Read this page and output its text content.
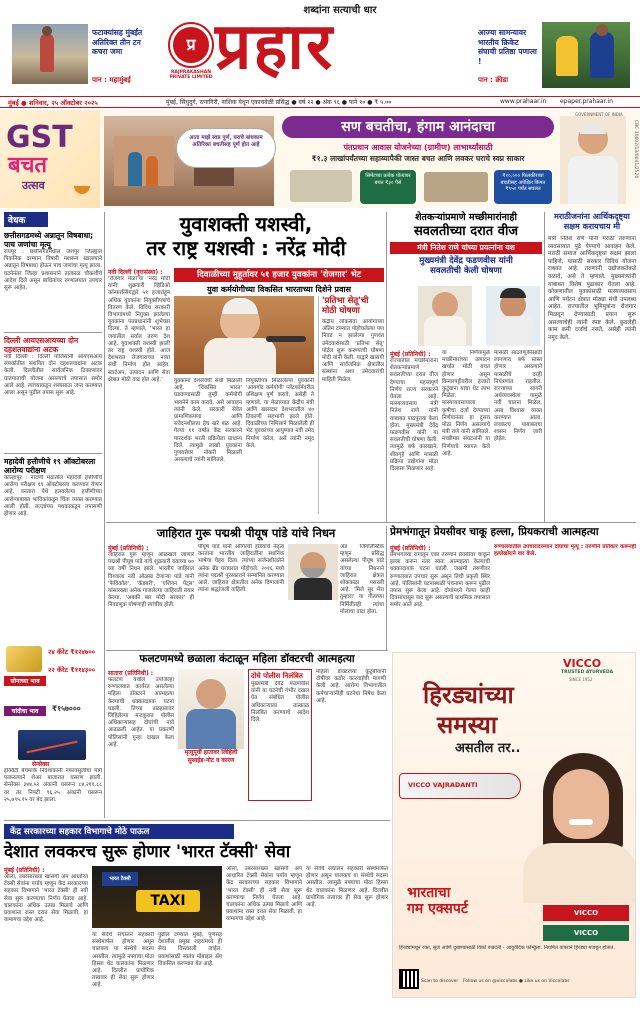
फटाक्यांसह मुंबईत अतिरिक्त तीन टन कचरा जमा
शब्दांना सत्याची धार
प्र
RAJPRAKASHAN PRIVATE LIMITED प्रहार	आज्या सामन्यावर भारतीय क्रिकेट संघाची प्रतिष्ठा पणाला !
पान : महामुंबई	पान : क्रीडा
मुंबई ● शनिवार, २५ ऑक्टोबर २०२५	मुंबई, सिंधुदुर्ग, रत्नागिरी, नाशिक येथून एकाचवेळी प्रसिद्ध ● वर्ष २२ ● अंक ९६ ● पाने १० ● ₹ ५.००	www.prahaar.in epaper.prahaar.in
GST
बचत
उत्सव
आता माझे स्वप्न पुर्ण, घराचे बांधकाम अतिरिक्त बचतीसह पूर्ण होत आहे
सण बचतीचा, हंगाम आनंदाचा
पंतप्रधान आवास योजनेच्या (ग्रामीण) लाभार्थ्यांसाठी
₹१.३ लाखांपर्यंतच्या सहाय्यापैकी जास्त बचत आणि लवकर घराचे स्वप्न साकार
सिमेंटच्या प्रत्येक पोत्यावर बचत ₹३० पैसे
₹१०,००० फिलकीरच्या बचतीसह अपेक्षित किंमत ₹१५० पर्यंत सवलत
GOVERNMENT OF INDIA
CBC 10602/13/0041/2526
वेधक
छत्तीसगडमध्ये अन्नातून विषबाधा; पाच जणांचा मृत्यू
रायपूर : छत्तीसगडमधील जशपूर जिल्ह्यात पिकनिक दरम्यान विषारी मशरूम खाल्ल्याने अन्नातून विषबाधा होऊन पाच जणांचा मृत्यू झाला. घटनेनंतर जिल्हा प्रशासनाने तात्काळ चौकशीचे आदेश दिले असून बाधितांवर रुग्णालयात उपचार सुरू आहेत.
दिल्ली आयएसआयच्या दोन दहशतवाद्यांना अटक
नवी दिल्ली : दिल्ली पोलिसांनी आयएसआय संपर्कातील संशयित दोन दहशतवाद्यांना अटक केली. दिल्लीतील सार्वजनिक ठिकाणांवर घातपाताची योजना असल्याचे तपासात समोर आले आहे. त्यांच्याकडून शस्त्रसाठा जप्त करण्यात आला असून पुढील तपास सुरू आहे.
महादेवी हत्तीणीचे १९ ऑक्टोबरला आरोग्य परीक्षण
कोल्हापूर : नांदणी मठातील महादेवी हत्तीणीचे आरोग्य परीक्षण १९ ऑक्टोबरला करण्यात येणार आहे. वनतारा येथे हलवलेल्या हत्तीणीच्या आरोग्याबाबत भाविकांकडून चिंता व्यक्त करण्यात आली होती. तज्ज्ञांच्या पथकाकडून तपासणी होणार आहे.
सोनाच्या भाव
२४ कॅरेट ₹१२४७००
२२ कॅरेट ₹११४३००
चांदीचा भाव	₹१५७०००
सेन्सेक्स
इक्विटी बेंचमार्क निर्देशांकांनी नफावसुलीचा मार्ग पत्करल्याने शेअर बाजारात घसरण झाली. सेन्सेक्स ३४४.५२ अंकांनी घसरून ८४,२११.८८ वर तर निफ्टी ९६.२५ अंकांनी घसरून २५,७९५.१५ वर बंद झाला.
युवाशक्ती यशस्वी,
तर राष्ट्र यशस्वी : नरेंद्र मोदी
नवी दिल्ली (वृत्तसंस्था) :
'रोजगार मेळा'चा 'नरेंद्र मोदी यांनी' शुक्रवारी व्हिडिओ कॉन्फरन्सिंगद्वारे ५१ हजारांहून अधिक युवकांना नियुक्तीपत्रांचे वितरण केले. विविध सरकारी विभागांमध्ये नियुक्त झालेल्या युवकांना पंतप्रधानांनी शुभेच्छा दिल्या. ते म्हणाले, 'भारत हा जगातील सर्वात तरुण देश आहे. युवाशक्ती यशस्वी झाली तर राष्ट्र यशस्वी होते. आज देशभरात रोजगाराच्या नव्या संधी निर्माण होत आहेत. स्टार्टअप, उत्पादन आणि सेवा क्षेत्रात मोठी वाढ होत आहे.'
दिवाळीच्या मुहूर्तावर ५१ हजार युवकांना 'रोजगार' भेट
युवा कर्मयोगीच्या विकसित भारताच्या दिशेने प्रवास
'प्रतिभा सेतू'ची मोठी घोषणा
केंद्रीय लोकसेवा आयोगाच्या अंतिम टप्प्यात पोहोचलेल्या पण निवड न झालेल्या गुणवंत उमेदवारांसाठी 'प्रतिभा सेतू' पोर्टल सुरू करण्याची घोषणा मोदी यांनी केली. याद्वारे खासगी आणि सार्वजनिक क्षेत्रातील संस्थांना अशा उमेदवारांची माहिती मिळेल.
युवकांना देशसेवेची संधी मिळाली आहे. 'विकसित भारत' घडवण्यासाठी तुम्ही कर्मयोगी भावनेने काम करावे, असे आवाहन त्यांनी केले. सरकारी सेवेत प्रामाणिकपणा आणि संवेदनशीलता हेच खरे बळ आहे. गेल्या ११ वर्षांत केंद्र सरकारने पारदर्शक भरती प्रक्रियेला प्राधान्य दिले. त्यामुळे लाखो युवकांना गुणवत्तेवर नोकरी मिळाली असल्याचे त्यांनी सांगितले.
नियुक्तीपत्र मिळालेल्या युवकांनी 'आयगॉट कर्मयोगी' प्लॅटफॉर्मवरील प्रशिक्षण पूर्ण करावे, असेही ते म्हणाले. या मेळाव्यात केंद्रीय मंत्री आणि खासदार देशभरातील ४० ठिकाणी सहभागी झाले होते. दिवाळीच्या निमित्ताने मिळालेली ही भेट युवकांच्या आयुष्यात नवी उमेद निर्माण करेल, असे त्यांनी नमूद केले.
शेतकऱ्यांप्रमाणे मच्छीमारांनाही
सवलतीच्या दरात वीज
मंत्री नितेश राणे यांच्या प्रयत्नांना यश
मुख्यमंत्री देवेंद्र फडणवीस यांनी
सवलतीची केली घोषणा
मुंबई (प्रतिनिधी) :
राज्यातील मच्छीमारांना शेतकऱ्यांप्रमाणे सवलतीच्या दरात वीज देण्याचा महत्त्वपूर्ण निर्णय राज्य सरकारने घेतला आहे. मत्स्यव्यवसाय मंत्री नितेश राणे यांनी याबाबत पाठपुरावा केला होता. मुख्यमंत्री देवेंद्र फडणवीस यांनी या सवलतीची घोषणा केली. त्यामुळे बर्फ कारखाने, शीतगृहे आणि मासळी प्रक्रिया उद्योगांना मोठा दिलासा मिळणार आहे.
या निर्णयामुळे मच्छीमारांच्या उत्पादन खर्चात मोठी बचत होणार असून किनारपट्टीवरील हजारो कुटुंबांना याचा थेट लाभ मिळेल. मत्स्यव्यवसायाला कृषीचा दर्जा देण्याच्या निर्णयानंतर हा दुसरा मोठा निर्णय असल्याचे मंत्री राणे यांनी सांगितले. मच्छीमार संघटनांनी या निर्णयाचे स्वागत केले आहे.
मासळी साठवणुकीसाठी लागणारा बर्फ स्वस्त होणार असल्याने मासळीचे दरही नियंत्रणात राहतील. राज्याच्या सागरी अर्थव्यवस्थेला यामुळे नवी चालना मिळेल, असा विश्वास व्यक्त करण्यात आला. लवकरच याबाबतचा शासन निर्णय जारी होईल.
मराठीजनांना आर्थिकदृष्ट्या सक्षम करायचाय मी
मंत्री नितेश राणे यांनी मराठी तरुणांना व्यवसायात पुढे येण्याचे आवाहन केले. मराठी समाज आर्थिकदृष्ट्या सक्षम झाला पाहिजे, यासाठी सरकार विविध योजना राबवत आहे. तरुणांनी उद्योजकतेकडे वळावे, असे ते म्हणाले. मुख्यमंत्र्यांनी याबाबत विशेष पुढाकार घेतला आहे. कोकणातील युवकांसाठी मत्स्यव्यवसाय आणि पर्यटन क्षेत्रात मोठ्या संधी उपलब्ध आहेत. राज्यातील भूमिपुत्रांना रोजगार मिळवून देण्यासाठी प्रयत्न सुरू असल्याचेही त्यांनी स्पष्ट केले. कुठलेही काम कमी दर्जाचे नसते, असेही त्यांनी नमूद केले.
जाहिरात गुरू पद्मश्री पीयूष पांडे यांचे निधन
मुंबई (प्रतिनिधी) :
जाहिरात गुरू म्हणून ओळखले जाणारे पद्मश्री पीयूष पांडे यांचे शुक्रवारी वयाच्या ७० व्या वर्षी निधन झाले. भारतीय जाहिरात विश्वाला नवी ओळख देणाऱ्या पांडे यांनी 'फेविकॉल', 'कॅडबरी', 'एशियन पेंट्स' यांसारख्या अनेक गाजलेल्या जाहिराती तयार केल्या. 'अबकी बार मोदी सरकार' ही निवडणूक घोषणाही त्यांचीच होती.
पीयूष पांडे यांनी ओगिल्वी इंडियाचे नेतृत्व करताना भारतीय जाहिरातींना स्थानिक भाषेचा चेहरा दिला. त्यांच्या सर्जनशीलतेने अनेक ब्रँड घराघरात पोहोचले. २०१६ मध्ये त्यांना पद्मश्री पुरस्काराने सन्मानित करण्यात आले. जाहिरात क्षेत्रातील अनेक दिग्गजांनी त्यांना श्रद्धांजली वाहिली.
ॲड जिंगलिस्टिक म्हणून प्रसिद्ध असलेल्या पीयूष पांडे यांच्या निधनाने जाहिरात क्षेत्रात शोककळा पसरली आहे. 'मिले सुर मेरा तुम्हारा' या गीताच्या निर्मितीतही त्यांचा मोलाचा वाटा होता.
प्रेमभंगातून प्रेयसीवर चाकू हल्ला, प्रियकराची आत्महत्या
मुंबई (प्रतिनिधी) :
प्रेमभंगाच्या रागातून एका तरुणाने प्रेयसीवर चाकूने हल्ला करून नंतर स्वतः आत्महत्या केल्याची धक्कादायक घटना घडली. जखमी तरुणीवर रुग्णालयात उपचार सुरू असून तिची प्रकृती स्थिर आहे. पोलिसांनी घटनास्थळी पंचनामा करून पुढील तपास सुरू केला आहे. दोघांमध्ये गेल्या काही दिवसांपासून वाद सुरू असल्याचे प्राथमिक तपासात समोर आले आहे.
रुग्णालयातील उपचारादरम्यान दोघांचा मृत्यू : तरुणीने प्रतिकार करूनही हल्लेखोराने वार केले.
फलटणमध्ये छळाला कंटाळून महिला डॉक्टरची आत्महत्या
सातारा (प्रतिनिधी) :
फलटण येथील उपजिल्हा रुग्णालयात कार्यरत असलेल्या महिला डॉक्टरने आत्महत्या केल्याची धक्कादायक घटना घडली. तिच्या तळहातावर लिहिलेल्या मजकुरात पोलीस अधिकाऱ्यासह दोघांची नावे आढळली आहेत. या प्रकरणी पोलिसांनी गुन्हा दाखल केला आहे.
मृत्यूपूर्वी हातावर लिहिली सुसाईड-नोट व कारण
दोघे पोलीस निलंबित
मुख्यमंत्री देवेंद्र फडणवीस यांनी या घटनेची गंभीर दखल घेत संबंधित पोलीस अधिकाऱ्याला तात्काळ निलंबित करण्याचे आदेश दिले.
महिला डॉक्टरच्या कुटुंबीयांनी दोषींवर कठोर कारवाईची मागणी केली आहे. आरोग्य विभागातील कर्मचाऱ्यांनीही घटनेचा निषेध केला आहे.
VICCO
TRUSTED AYURVEDA
SINCE 1952
हिरड्यांच्या
समस्या
असतील तर..
VICCO VAJRADANTI
भारताचा
गम एक्सपर्ट	VICCO
VICCO
हिरड्यांमधून रक्त, सूज आणि दुखण्यासाठी विको वज्रदंती - आयुर्वेदिक फॉर्म्युला. नियमित वापराने हिरड्या मजबूत होतात.
Scan to discover Follow us on @viccolabs ● Like us on Viccolabs
केंद्र सरकारच्या सहकार विभागाचे मोठे पाऊल
देशात लवकरच सुरू होणार 'भारत टॅक्सी' सेवा
मुंबई (प्रतिनिधी) :
ओला, उबरसारख्या खासगी ॲप आधारित टॅक्सी सेवांना पर्याय म्हणून केंद्र सरकारच्या सहकार विभागाने 'भारत टॅक्सी' ही नवी सेवा सुरू करण्याचा निर्णय घेतला आहे. चालकांना अधिक उत्पन्न मिळावे आणि प्रवाशांना रास्त दरात सेवा मिळावी, हा यामागचा उद्देश आहे.
भारत टैक्सी
TAXI
या सेवेचे संचालन सहकारी संस्थेमार्फत होणार असून चालकच या संस्थेचे सदस्य असतील. त्यामुळे नफ्याचा मोठा हिस्सा थेट चालकांना मिळणार आहे. दिल्लीत प्रायोगिक तत्त्वावर ही सेवा सुरू होणार आहे.
पुढील टप्प्यात मुंबई, पुणेसह देशातील प्रमुख शहरांमध्ये ही सेवा विस्तारली जाईल. प्रवाशांसाठी स्वतंत्र मोबाइल ॲप विकसित करण्यात येत आहे.
ओला, उबरसारख्या खासगी ॲप आधारित टॅक्सी सेवांना पर्याय म्हणून केंद्र सरकारच्या सहकार विभागाने 'भारत टॅक्सी' ही नवी सेवा सुरू करण्याचा निर्णय घेतला आहे. चालकांना अधिक उत्पन्न मिळावे आणि प्रवाशांना रास्त दरात सेवा मिळावी, हा यामागचा उद्देश आहे.
या सेवेचे संचालन सहकारी संस्थेमार्फत होणार असून चालकच या संस्थेचे सदस्य असतील. त्यामुळे नफ्याचा मोठा हिस्सा थेट चालकांना मिळणार आहे. दिल्लीत प्रायोगिक तत्त्वावर ही सेवा सुरू होणार आहे.
